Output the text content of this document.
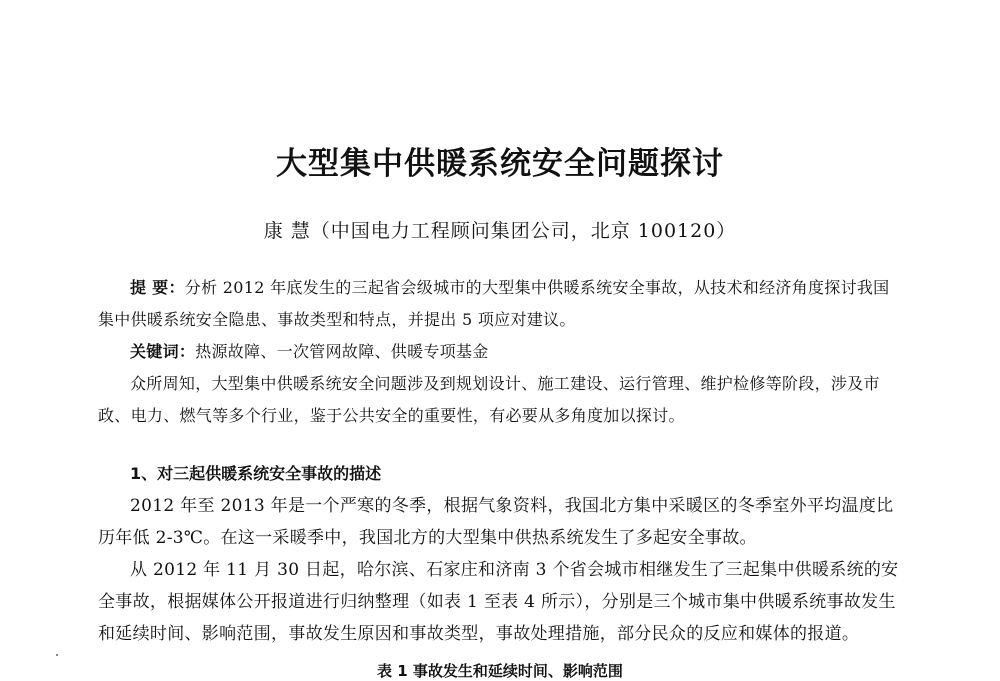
大型集中供暖系统安全问题探讨
康 慧（中国电力工程顾问集团公司，北京 100120）
提 要：分析 2012 年底发生的三起省会级城市的大型集中供暖系统安全事故，从技术和经济角度探讨我国集中供暖系统安全隐患、事故类型和特点，并提出 5 项应对建议。
关键词：热源故障、一次管网故障、供暖专项基金
众所周知，大型集中供暖系统安全问题涉及到规划设计、施工建设、运行管理、维护检修等阶段，涉及市政、电力、燃气等多个行业，鉴于公共安全的重要性，有必要从多角度加以探讨。
1、对三起供暖系统安全事故的描述
2012 年至 2013 年是一个严寒的冬季，根据气象资料，我国北方集中采暖区的冬季室外平均温度比历年低 2-3℃。在这一采暖季中，我国北方的大型集中供热系统发生了多起安全事故。
从 2012 年 11 月 30 日起，哈尔滨、石家庄和济南 3 个省会城市相继发生了三起集中供暖系统的安全事故，根据媒体公开报道进行归纳整理（如表 1 至表 4 所示），分别是三个城市集中供暖系统事故发生和延续时间、影响范围，事故发生原因和事故类型，事故处理措施，部分民众的反应和媒体的报道。
表 1 事故发生和延续时间、影响范围
